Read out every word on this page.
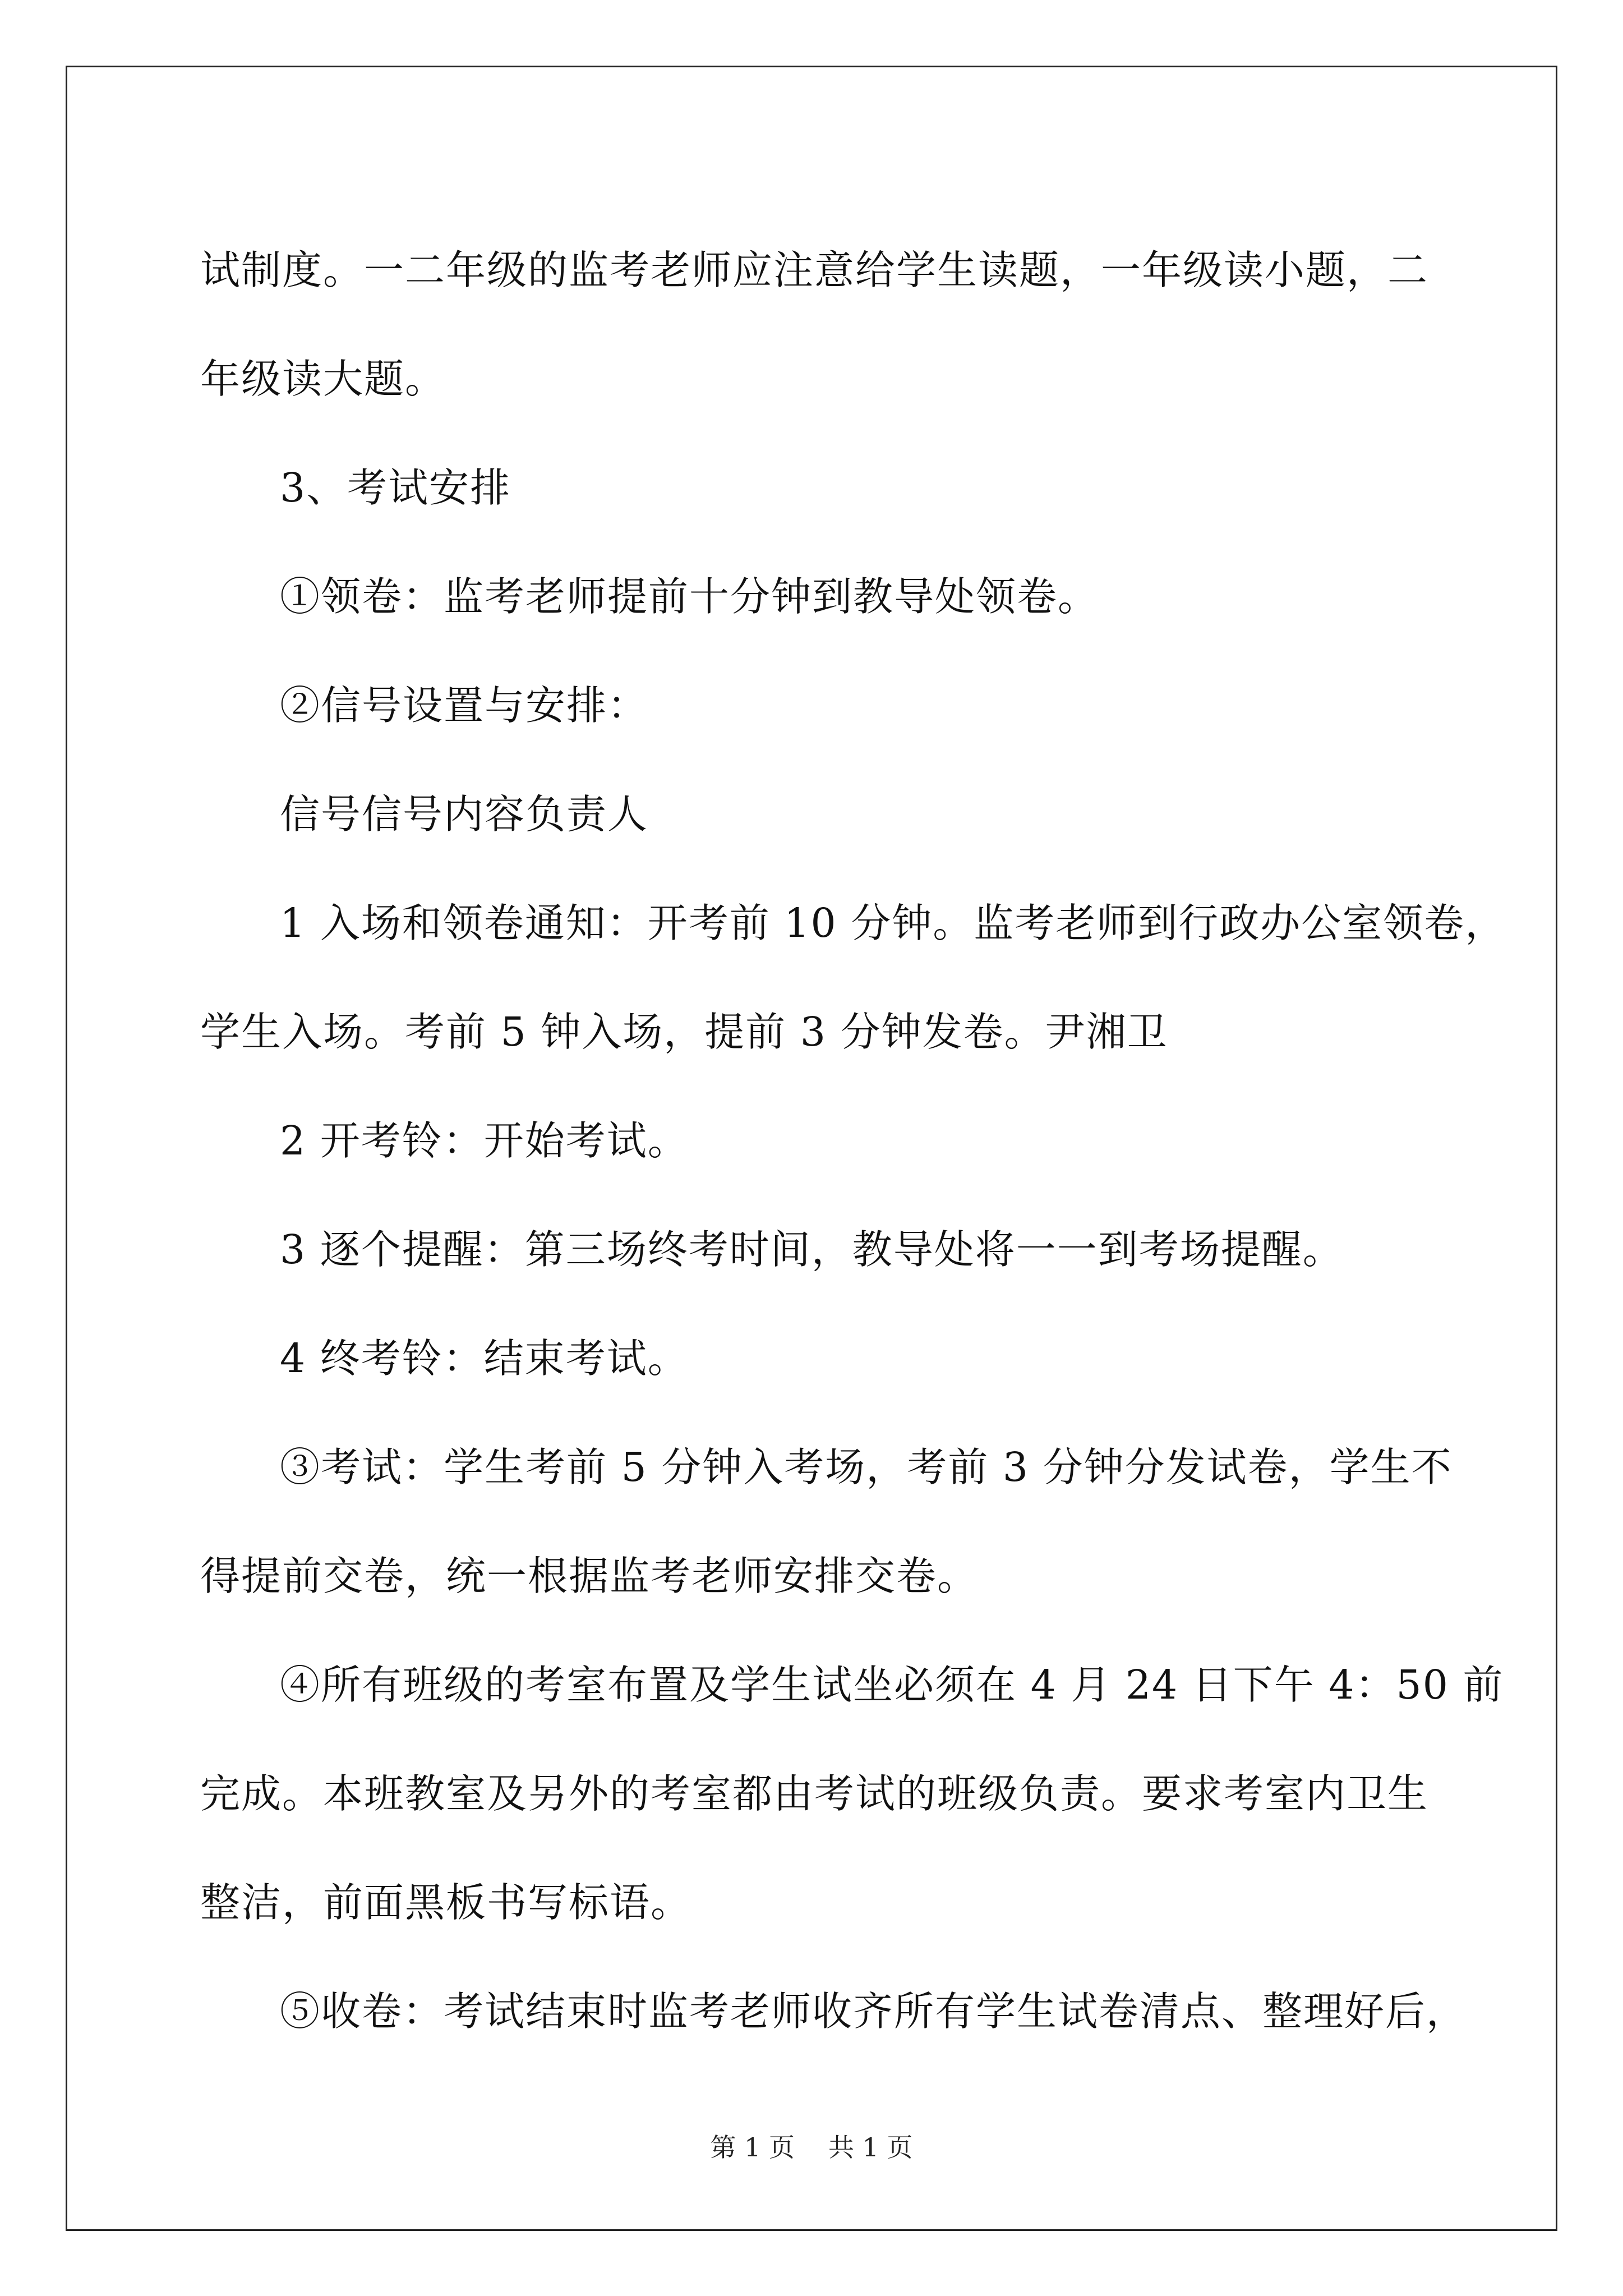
试制度。一二年级的监考老师应注意给学生读题，一年级读小题，二

年级读大题。

3、考试安排

①领卷：监考老师提前十分钟到教导处领卷。

②信号设置与安排：

信号信号内容负责人

1 入场和领卷通知：开考前 10 分钟。监考老师到行政办公室领卷，

学生入场。考前 5 钟入场，提前 3 分钟发卷。尹湘卫

2 开考铃：开始考试。

3 逐个提醒：第三场终考时间，教导处将一一到考场提醒。

4 终考铃：结束考试。

③考试：学生考前 5 分钟入考场，考前 3 分钟分发试卷，学生不

得提前交卷，统一根据监考老师安排交卷。

④所有班级的考室布置及学生试坐必须在 4 月 24 日下午 4：50 前

完成。本班教室及另外的考室都由考试的班级负责。要求考室内卫生

整洁，前面黑板书写标语。

⑤收卷：考试结束时监考老师收齐所有学生试卷清点、整理好后，

第 1 页 共 1 页
